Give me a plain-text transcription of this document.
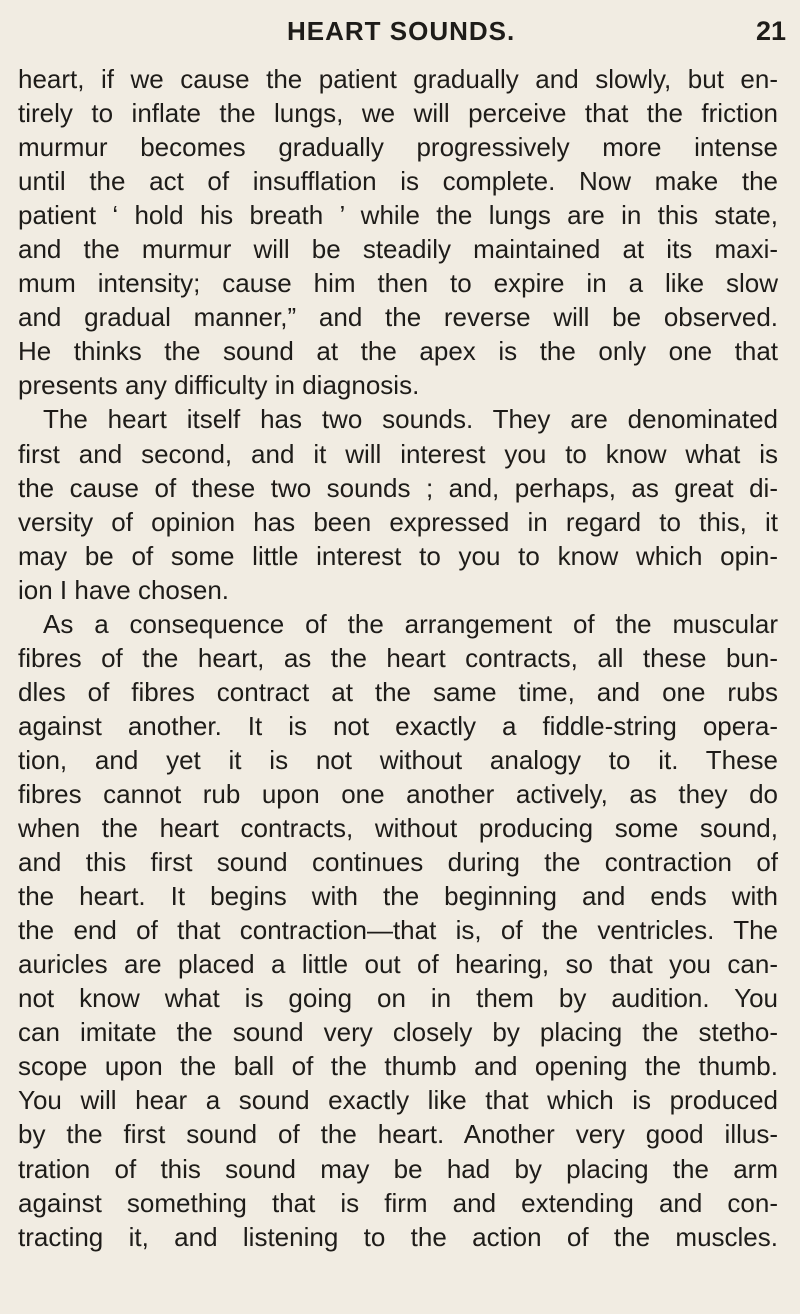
HEART SOUNDS.	21
heart, if we cause the patient gradually and slowly, but en-
tirely to inflate the lungs, we will perceive that the friction
murmur becomes gradually progressively more intense
until the act of insufflation is complete. Now make the
patient ‘ hold his breath ’ while the lungs are in this state,
and the murmur will be steadily maintained at its maxi-
mum intensity; cause him then to expire in a like slow
and gradual manner,” and the reverse will be observed.
He thinks the sound at the apex is the only one that
presents any difficulty in diagnosis.
The heart itself has two sounds. They are denominated
first and second, and it will interest you to know what is
the cause of these two sounds ; and, perhaps, as great di-
versity of opinion has been expressed in regard to this, it
may be of some little interest to you to know which opin-
ion I have chosen.
As a consequence of the arrangement of the muscular
fibres of the heart, as the heart contracts, all these bun-
dles of fibres contract at the same time, and one rubs
against another. It is not exactly a fiddle-string opera-
tion, and yet it is not without analogy to it. These
fibres cannot rub upon one another actively, as they do
when the heart contracts, without producing some sound,
and this first sound continues during the contraction of
the heart. It begins with the beginning and ends with
the end of that contraction—that is, of the ventricles. The
auricles are placed a little out of hearing, so that you can-
not know what is going on in them by audition. You
can imitate the sound very closely by placing the stetho-
scope upon the ball of the thumb and opening the thumb.
You will hear a sound exactly like that which is produced
by the first sound of the heart. Another very good illus-
tration of this sound may be had by placing the arm
against something that is firm and extending and con-
tracting it, and listening to the action of the muscles.
